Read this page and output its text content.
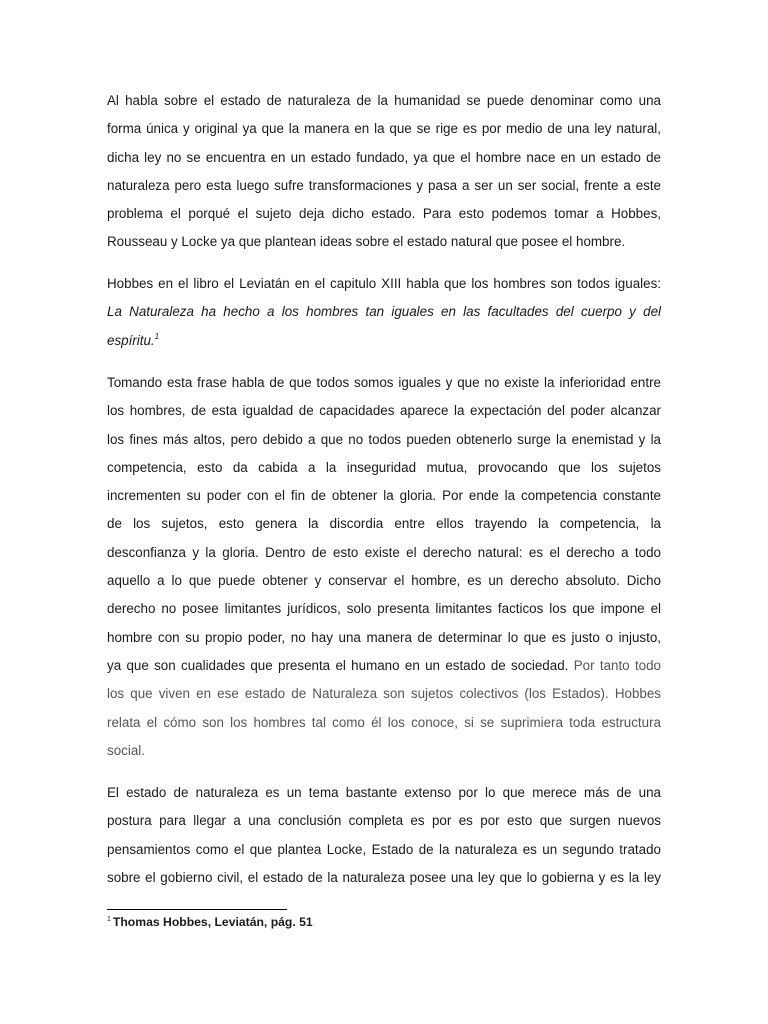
Al habla sobre el estado de naturaleza de la humanidad se puede denominar como una
forma única y original ya que la manera en la que se rige es por medio de una ley natural,
dicha ley no se encuentra en un estado fundado, ya que el hombre nace en un estado de
naturaleza pero esta luego sufre transformaciones y pasa a ser un ser social, frente a este
problema el porqué el sujeto deja dicho estado. Para esto podemos tomar a Hobbes,
Rousseau y Locke ya que plantean ideas sobre el estado natural que posee el hombre.
Hobbes en el libro el Leviatán en el capitulo XIII habla que los hombres son todos iguales:
La Naturaleza ha hecho a los hombres tan iguales en las facultades del cuerpo y del
espíritu.$^1$
Tomando esta frase habla de que todos somos iguales y que no existe la inferioridad entre
los hombres, de esta igualdad de capacidades aparece la expectación del poder alcanzar
los fines más altos, pero debido a que no todos pueden obtenerlo surge la enemistad y la
competencia, esto da cabida a la inseguridad mutua, provocando que los sujetos
incrementen su poder con el fin de obtener la gloria. Por ende la competencia constante
de los sujetos, esto genera la discordia entre ellos trayendo la competencia, la
desconfianza y la gloria. Dentro de esto existe el derecho natural: es el derecho a todo
aquello a lo que puede obtener y conservar el hombre, es un derecho absoluto. Dicho
derecho no posee limitantes jurídicos, solo presenta limitantes facticos los que impone el
hombre con su propio poder, no hay una manera de determinar lo que es justo o injusto,
ya que son cualidades que presenta el humano en un estado de sociedad. Por tanto todo
los que viven en ese estado de Naturaleza son sujetos colectivos (los Estados). Hobbes
relata el cómo son los hombres tal como él los conoce, si se suprimiera toda estructura
social.
El estado de naturaleza es un tema bastante extenso por lo que merece más de una
postura para llegar a una conclusión completa es por es por esto que surgen nuevos
pensamientos como el que plantea Locke, Estado de la naturaleza es un segundo tratado
sobre el gobierno civil, el estado de la naturaleza posee una ley que lo gobierna y es la ley
$^1$ Thomas Hobbes, Leviatán, pág. 51
